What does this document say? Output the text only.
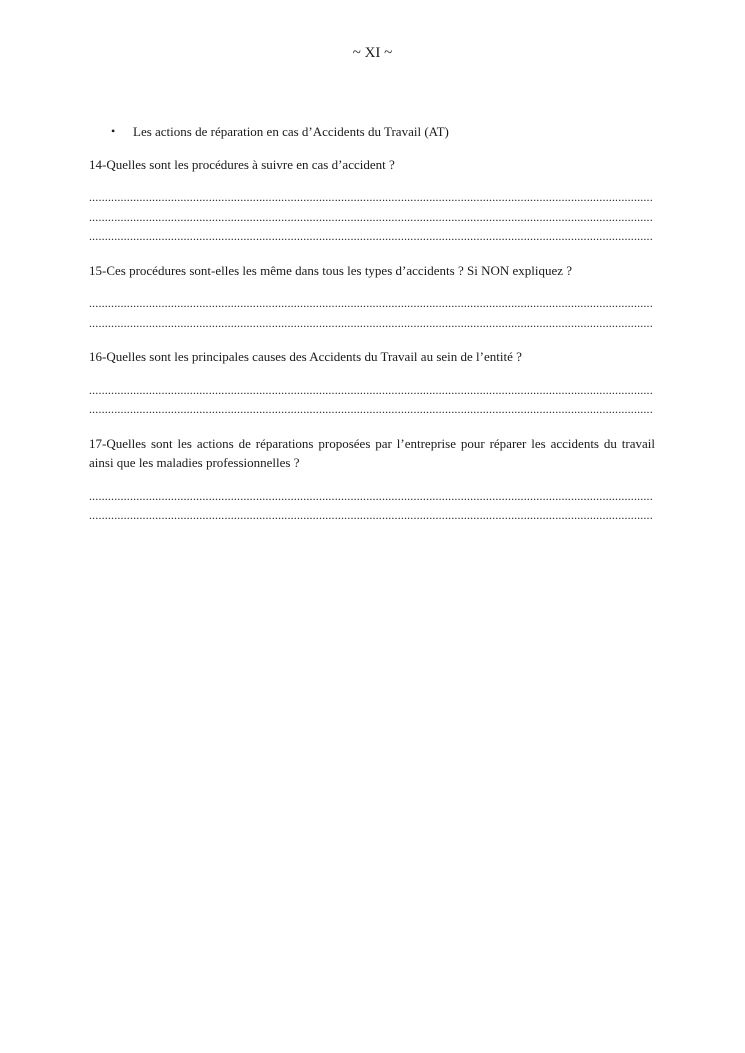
~ XI ~
• Les actions de réparation en cas d’Accidents du Travail (AT)

14-Quelles sont les procédures à suivre en cas d’accident ?

...................................................................................................................................................................................
...................................................................................................................................................................................
...................................................................................................................................................................................

15-Ces procédures sont-elles les même dans tous les types d’accidents ? Si NON expliquez ?

...................................................................................................................................................................................
...................................................................................................................................................................................

16-Quelles sont les principales causes des Accidents du Travail au sein de l’entité ?

...................................................................................................................................................................................
...................................................................................................................................................................................

17-Quelles sont les actions de réparations proposées par l’entreprise pour réparer les accidents du travail ainsi que les maladies professionnelles ?

...................................................................................................................................................................................
...................................................................................................................................................................................
